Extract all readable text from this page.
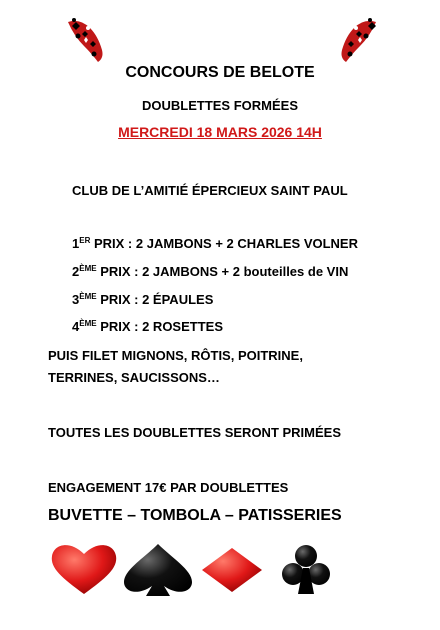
CONCOURS DE BELOTE
DOUBLETTES FORMÉES
MERCREDI 18 MARS 2026 14H
CLUB DE L’AMITIÉ ÉPERCIEUX SAINT PAUL
1ER PRIX : 2 JAMBONS + 2 CHARLES VOLNER
2ÈME PRIX : 2 JAMBONS + 2 bouteilles de VIN
3ÈME PRIX : 2 ÉPAULES
4ÈME PRIX : 2 ROSETTES
PUIS FILET MIGNONS, RÔTIS, POITRINE,
TERRINES, SAUCISSONS…
TOUTES LES DOUBLETTES SERONT PRIMÉES
ENGAGEMENT 17€ PAR DOUBLETTES
BUVETTE – TOMBOLA – PATISSERIES
